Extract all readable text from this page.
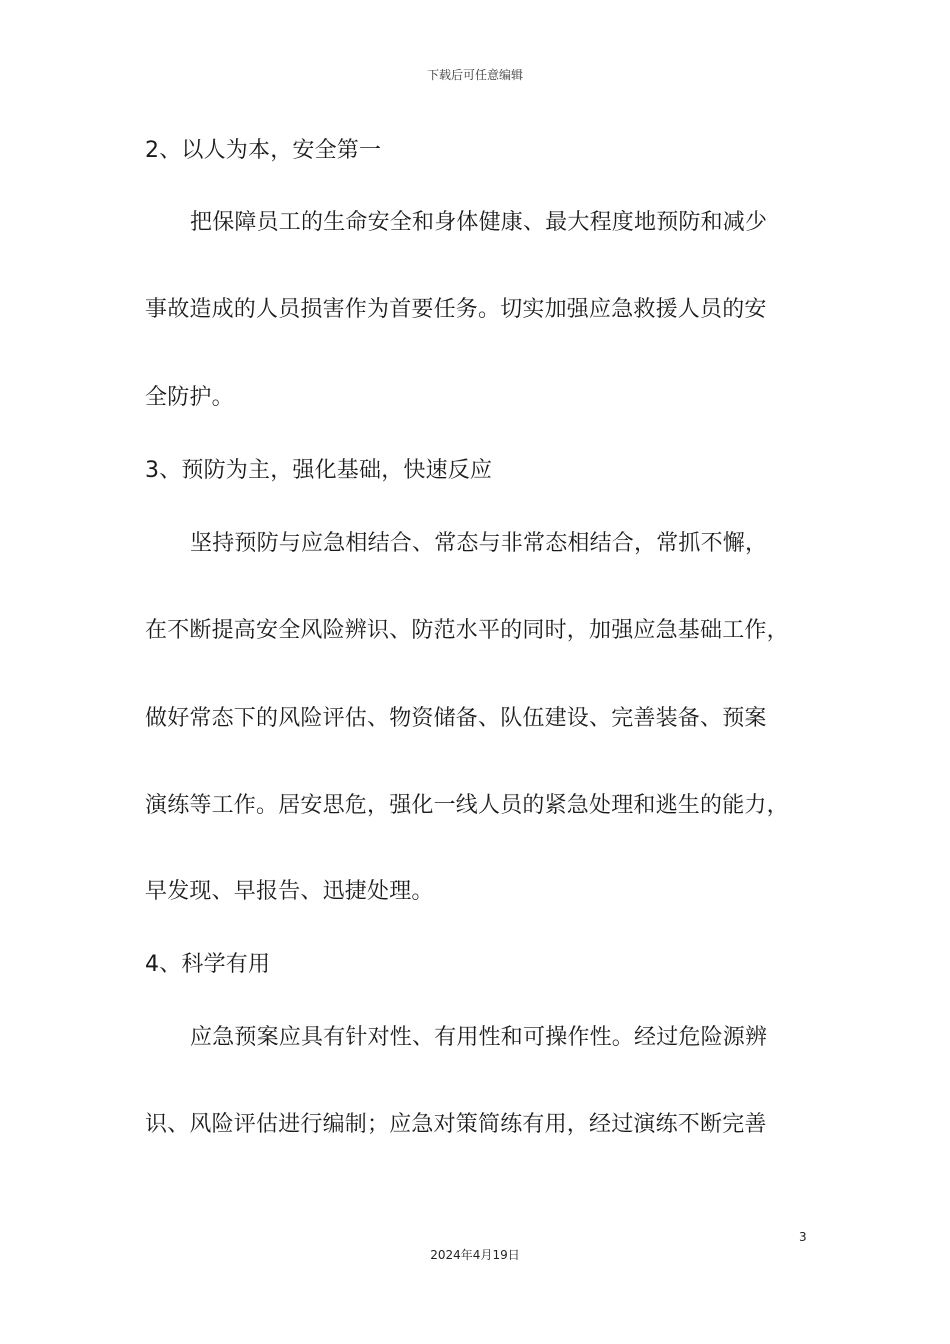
下载后可任意编辑
2、以人为本，安全第一
把保障员工的生命安全和身体健康、最大程度地预防和减少
事故造成的人员损害作为首要任务。切实加强应急救援人员的安
全防护。
3、预防为主，强化基础，快速反应
坚持预防与应急相结合、常态与非常态相结合，常抓不懈，
在不断提高安全风险辨识、防范水平的同时，加强应急基础工作，
做好常态下的风险评估、物资储备、队伍建设、完善装备、预案
演练等工作。居安思危，强化一线人员的紧急处理和逃生的能力，
早发现、早报告、迅捷处理。
4、科学有用
应急预案应具有针对性、有用性和可操作性。经过危险源辨
识、风险评估进行编制；应急对策简练有用，经过演练不断完善
3
2024年4月19日
